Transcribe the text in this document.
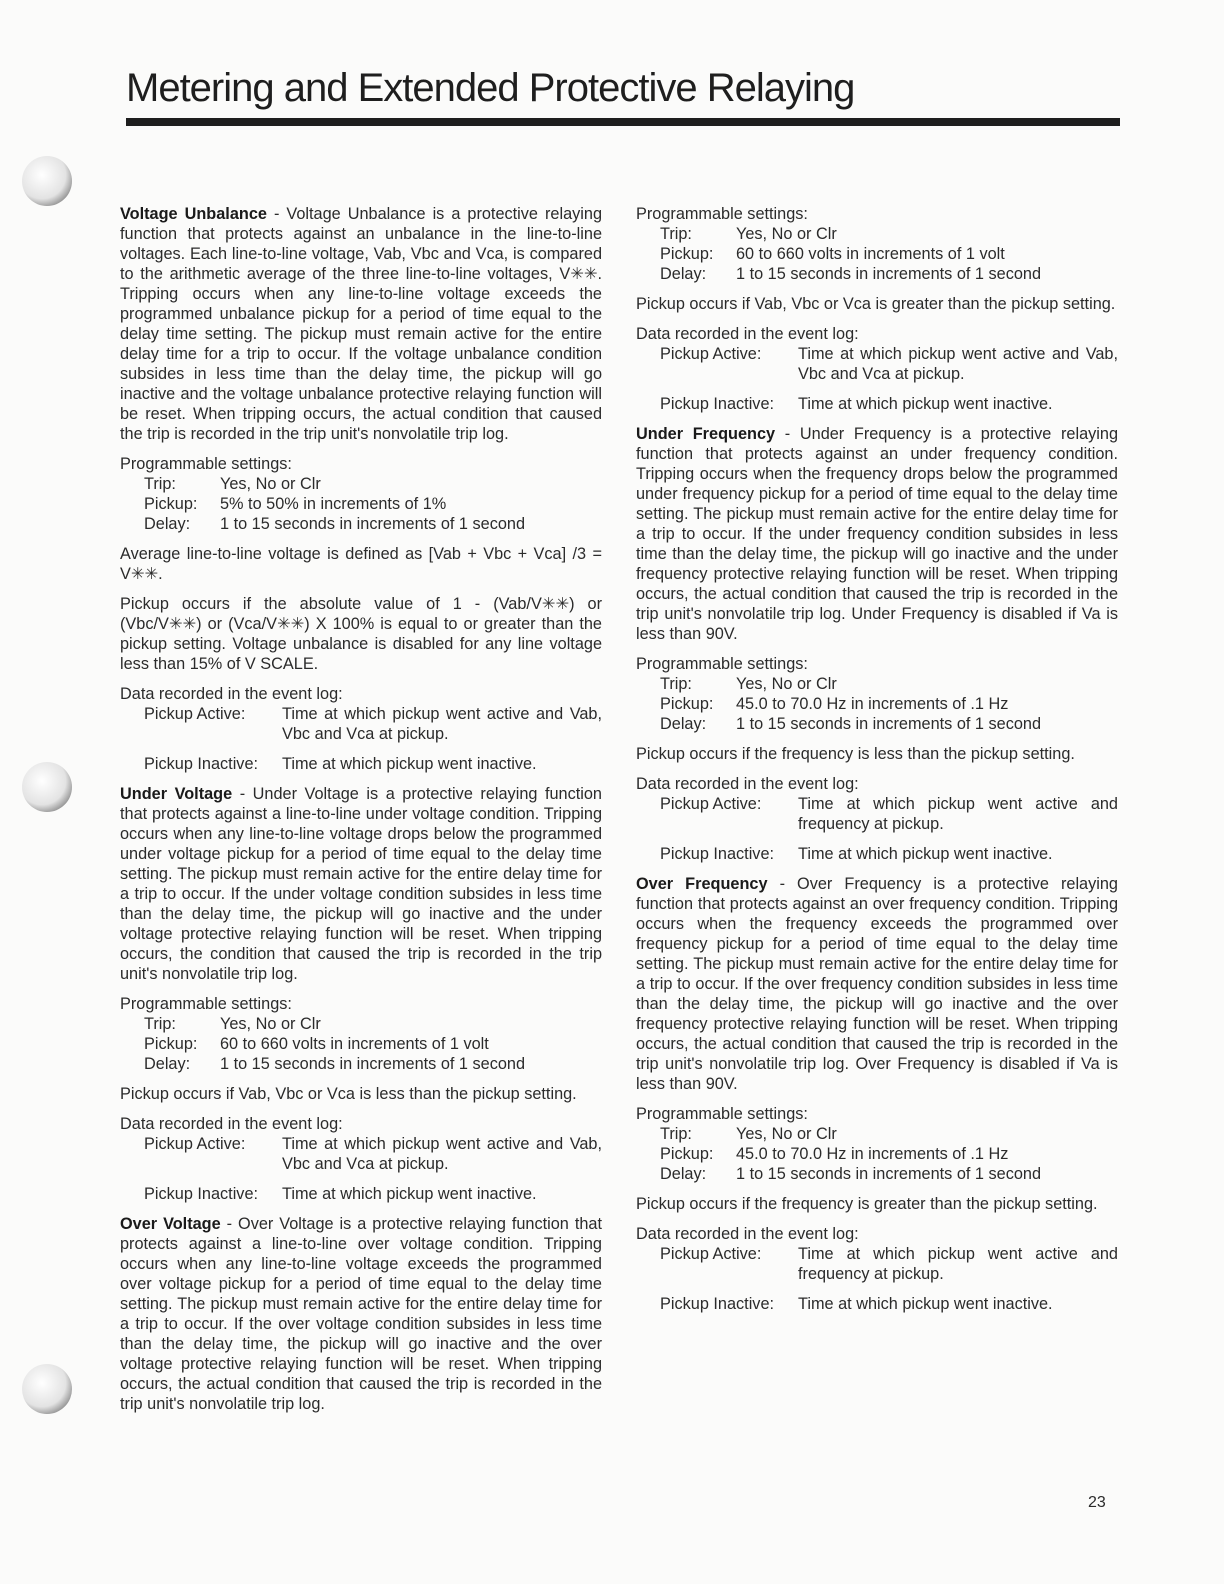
Metering and Extended Protective Relaying

Voltage Unbalance - Voltage Unbalance is a protective relaying function that protects against an unbalance in the line-to-line voltages. Each line-to-line voltage, Vab, Vbc and Vca, is compared to the arithmetic average of the three line-to-line voltages, V✳✳. Tripping occurs when any line-to-line voltage exceeds the programmed unbalance pickup for a period of time equal to the delay time setting. The pickup must remain active for the entire delay time for a trip to occur. If the voltage unbalance condition subsides in less time than the delay time, the pickup will go inactive and the voltage unbalance protective relaying function will be reset. When tripping occurs, the actual condition that caused the trip is recorded in the trip unit's nonvolatile trip log.

Programmable settings:

Trip:	Yes, No or Clr
Pickup:	5% to 50% in increments of 1%
Delay:	1 to 15 seconds in increments of 1 second

Average line-to-line voltage is defined as [Vab + Vbc + Vca] /3 = V✳✳.

Pickup occurs if the absolute value of 1 - (Vab/V✳✳) or (Vbc/V✳✳) or (Vca/V✳✳) X 100% is equal to or greater than the pickup setting. Voltage unbalance is disabled for any line voltage less than 15% of V SCALE.

Data recorded in the event log:

Pickup Active:	Time at which pickup went active and Vab, Vbc and Vca at pickup.
Pickup Inactive:	Time at which pickup went inactive.

Under Voltage - Under Voltage is a protective relaying function that protects against a line-to-line under voltage condition. Tripping occurs when any line-to-line voltage drops below the programmed under voltage pickup for a period of time equal to the delay time setting. The pickup must remain active for the entire delay time for a trip to occur. If the under voltage condition subsides in less time than the delay time, the pickup will go inactive and the under voltage protective relaying function will be reset. When tripping occurs, the condition that caused the trip is recorded in the trip unit's nonvolatile trip log.

Programmable settings:

Trip:	Yes, No or Clr
Pickup:	60 to 660 volts in increments of 1 volt
Delay:	1 to 15 seconds in increments of 1 second

Pickup occurs if Vab, Vbc or Vca is less than the pickup setting.

Data recorded in the event log:

Pickup Active:	Time at which pickup went active and Vab, Vbc and Vca at pickup.
Pickup Inactive:	Time at which pickup went inactive.

Over Voltage - Over Voltage is a protective relaying function that protects against a line-to-line over voltage condition. Tripping occurs when any line-to-line voltage exceeds the programmed over voltage pickup for a period of time equal to the delay time setting. The pickup must remain active for the entire delay time for a trip to occur. If the over voltage condition subsides in less time than the delay time, the pickup will go inactive and the over voltage protective relaying function will be reset. When tripping occurs, the actual condition that caused the trip is recorded in the trip unit's nonvolatile trip log.

Programmable settings:

Trip:	Yes, No or Clr
Pickup:	60 to 660 volts in increments of 1 volt
Delay:	1 to 15 seconds in increments of 1 second

Pickup occurs if Vab, Vbc or Vca is greater than the pickup setting.

Data recorded in the event log:

Pickup Active:	Time at which pickup went active and Vab, Vbc and Vca at pickup.
Pickup Inactive:	Time at which pickup went inactive.

Under Frequency - Under Frequency is a protective relaying function that protects against an under frequency condition. Tripping occurs when the frequency drops below the programmed under frequency pickup for a period of time equal to the delay time setting. The pickup must remain active for the entire delay time for a trip to occur. If the under frequency condition subsides in less time than the delay time, the pickup will go inactive and the under frequency protective relaying function will be reset. When tripping occurs, the actual condition that caused the trip is recorded in the trip unit's nonvolatile trip log. Under Frequency is disabled if Va is less than 90V.

Programmable settings:

Trip:	Yes, No or Clr
Pickup:	45.0 to 70.0 Hz in increments of .1 Hz
Delay:	1 to 15 seconds in increments of 1 second

Pickup occurs if the frequency is less than the pickup setting.

Data recorded in the event log:

Pickup Active:	Time at which pickup went active and frequency at pickup.
Pickup Inactive:	Time at which pickup went inactive.

Over Frequency - Over Frequency is a protective relaying function that protects against an over frequency condition. Tripping occurs when the frequency exceeds the programmed over frequency pickup for a period of time equal to the delay time setting. The pickup must remain active for the entire delay time for a trip to occur. If the over frequency condition subsides in less time than the delay time, the pickup will go inactive and the over frequency protective relaying function will be reset. When tripping occurs, the actual condition that caused the trip is recorded in the trip unit's nonvolatile trip log. Over Frequency is disabled if Va is less than 90V.

Programmable settings:

Trip:	Yes, No or Clr
Pickup:	45.0 to 70.0 Hz in increments of .1 Hz
Delay:	1 to 15 seconds in increments of 1 second

Pickup occurs if the frequency is greater than the pickup setting.

Data recorded in the event log:

Pickup Active:	Time at which pickup went active and frequency at pickup.
Pickup Inactive:	Time at which pickup went inactive.
23
